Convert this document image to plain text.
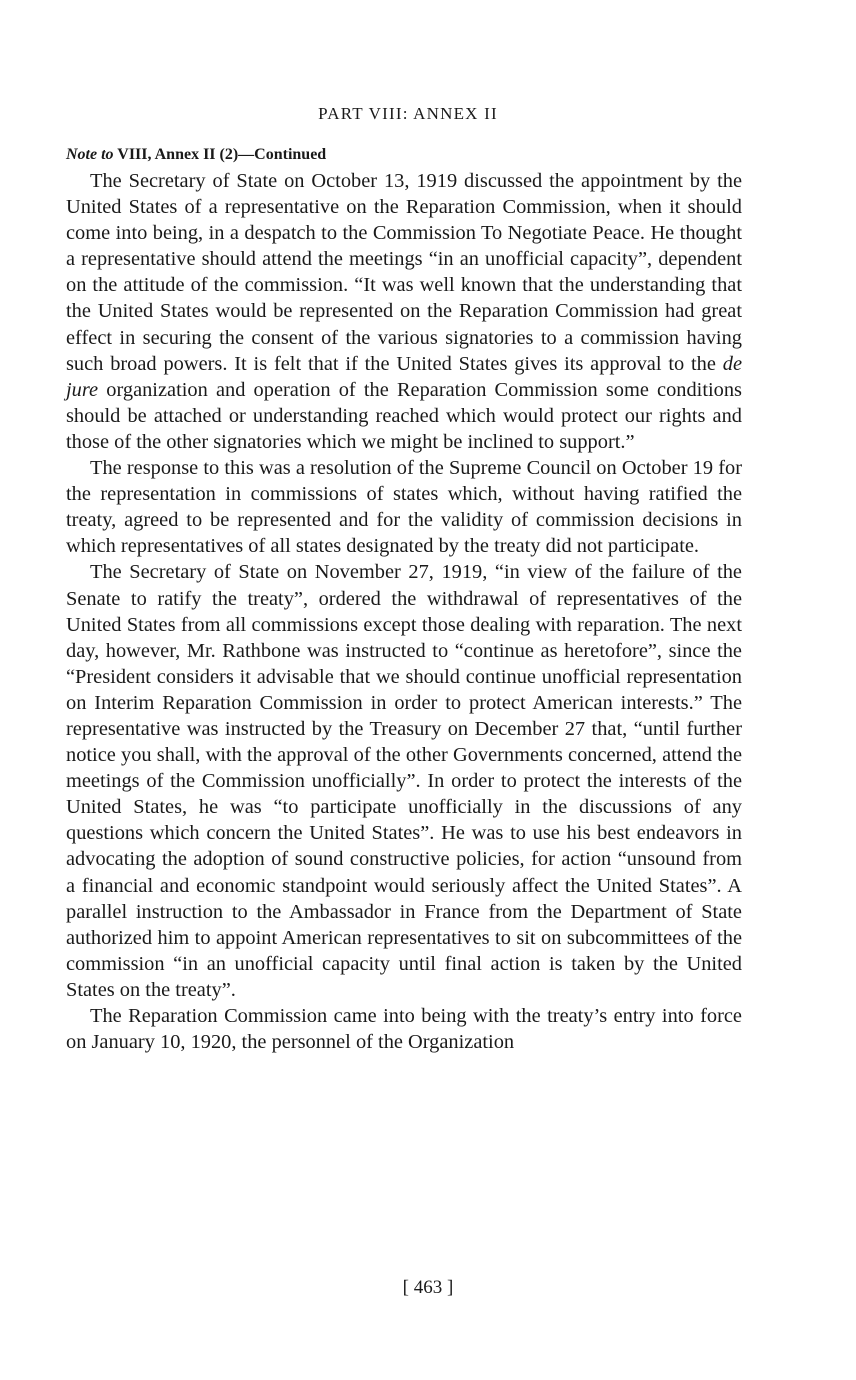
PART VIII: ANNEX II
Note to VIII, Annex II (2)—Continued

The Secretary of State on October 13, 1919 discussed the appointment by the United States of a representative on the Reparation Commission, when it should come into being, in a despatch to the Commission To Negotiate Peace. He thought a representative should attend the meetings “in an unofficial capacity”, dependent on the attitude of the commission. “It was well known that the understanding that the United States would be represented on the Reparation Commission had great effect in securing the consent of the various signatories to a commission having such broad powers. It is felt that if the United States gives its approval to the de jure organization and operation of the Reparation Commission some conditions should be attached or understanding reached which would protect our rights and those of the other signatories which we might be inclined to support.”

The response to this was a resolution of the Supreme Council on October 19 for the representation in commissions of states which, without having ratified the treaty, agreed to be represented and for the validity of commission decisions in which representatives of all states designated by the treaty did not participate.

The Secretary of State on November 27, 1919, “in view of the failure of the Senate to ratify the treaty”, ordered the withdrawal of representatives of the United States from all commissions except those dealing with reparation. The next day, however, Mr. Rathbone was instructed to “continue as heretofore”, since the “President considers it advisable that we should continue unofficial representation on Interim Reparation Commission in order to protect American interests.” The representative was instructed by the Treasury on December 27 that, “until further notice you shall, with the approval of the other Governments concerned, attend the meetings of the Commission unofficially”. In order to protect the interests of the United States, he was “to participate unofficially in the discussions of any questions which concern the United States”. He was to use his best endeavors in advocating the adoption of sound constructive policies, for action “unsound from a financial and economic standpoint would seriously affect the United States”. A parallel instruction to the Ambassador in France from the Department of State authorized him to appoint American representatives to sit on subcommittees of the commission “in an unofficial capacity until final action is taken by the United States on the treaty”.

The Reparation Commission came into being with the treaty’s entry into force on January 10, 1920, the personnel of the Organization

[ 463 ]
